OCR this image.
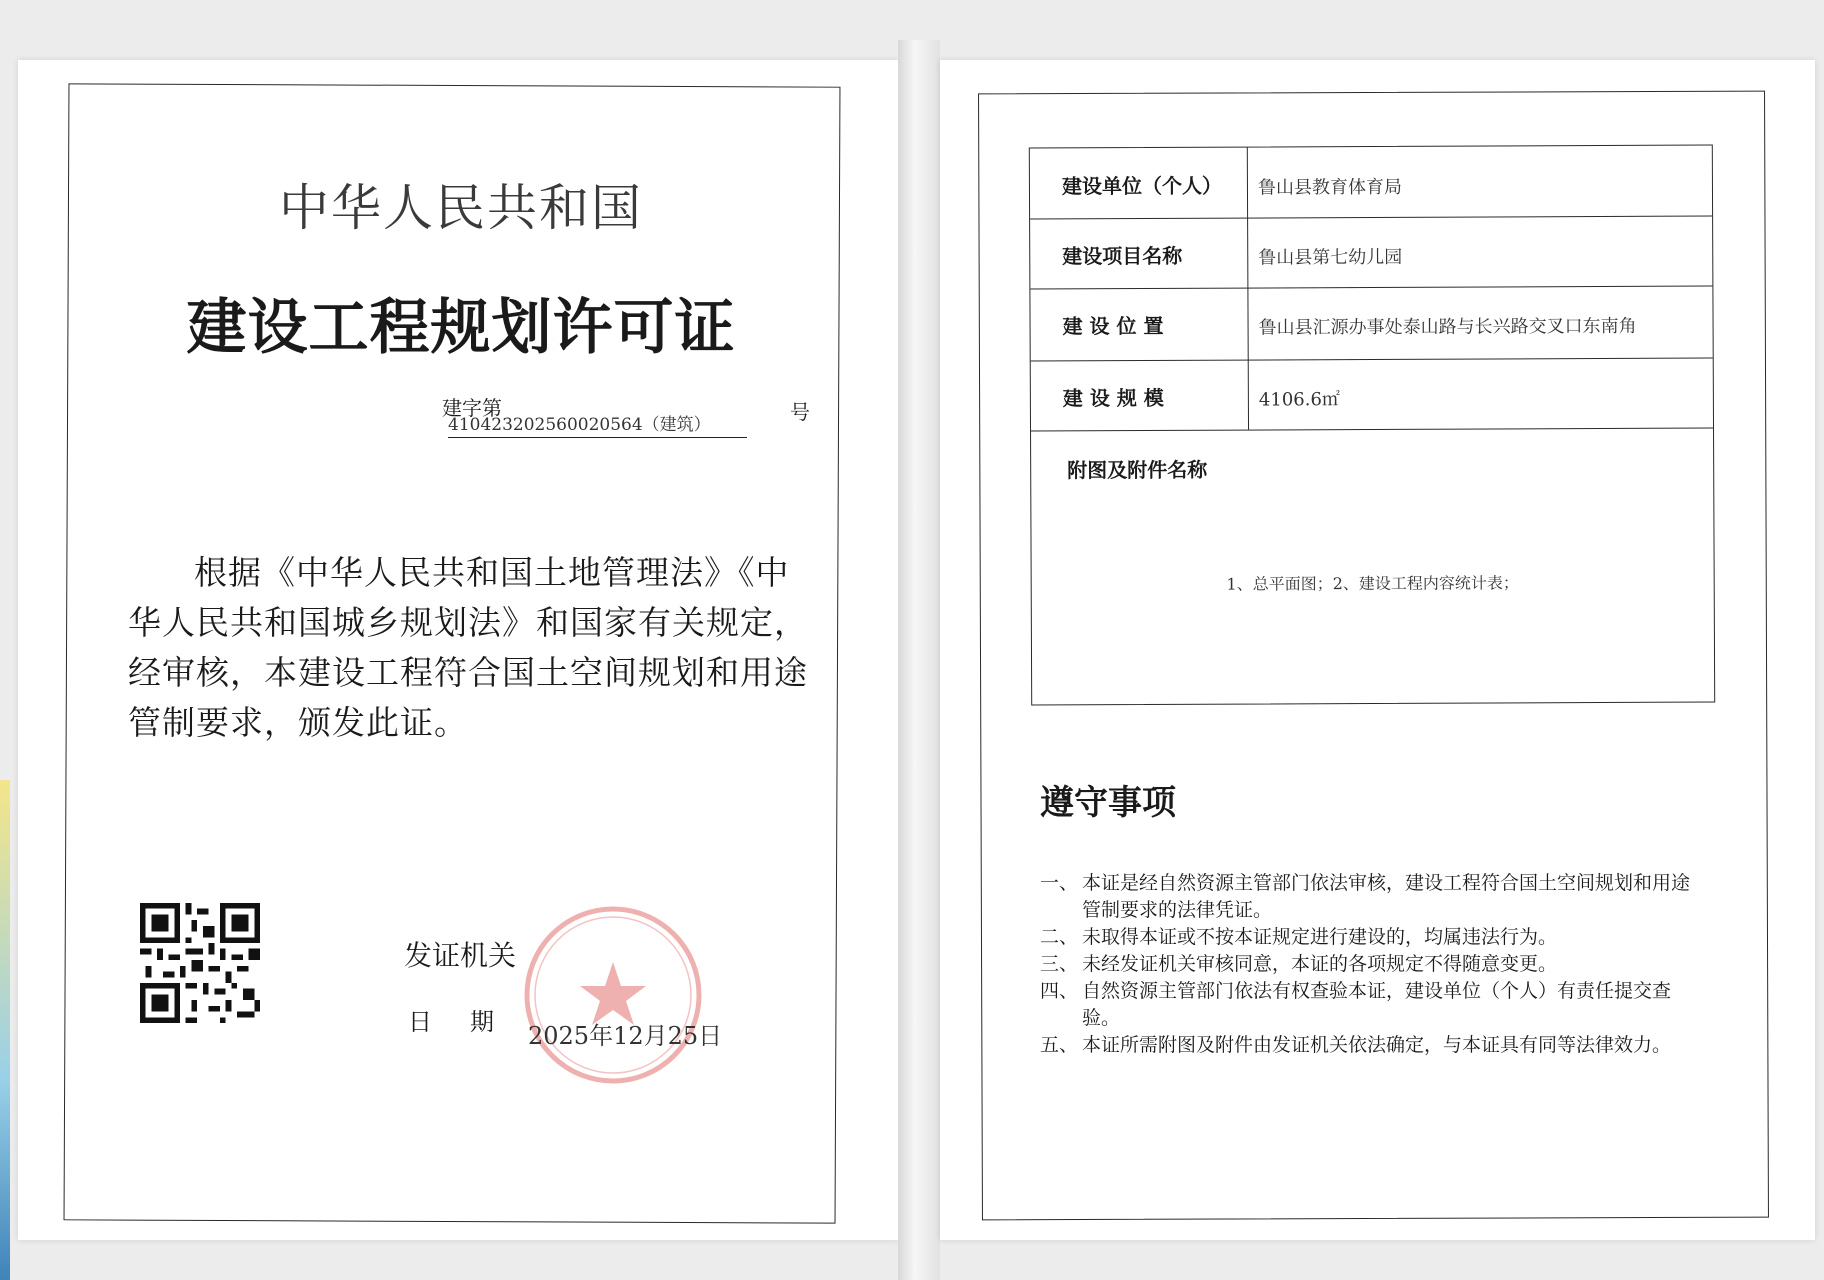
中华人民共和国
建设工程规划许可证
建字第
410423202560020564（建筑）
号

根据《中华人民共和国土地管理法》《中华人民共和国城乡规划法》和国家有关规定，经审核，本建设工程符合国土空间规划和用途管制要求，颁发此证。

发证机关
日期
2025年12月25日
建设单位（个人）	鲁山县教育体育局
建设项目名称	鲁山县第七幼儿园
建 设 位 置	鲁山县汇源办事处泰山路与长兴路交叉口东南角
建 设 规 模	4106.6㎡
附图及附件名称
1、总平面图；2、建设工程内容统计表；
遵守事项
一、 本证是经自然资源主管部门依法审核，建设工程符合国土空间规划和用途管制要求的法律凭证。
二、 未取得本证或不按本证规定进行建设的，均属违法行为。
三、 未经发证机关审核同意，本证的各项规定不得随意变更。
四、 自然资源主管部门依法有权查验本证，建设单位（个人）有责任提交查验。
五、 本证所需附图及附件由发证机关依法确定，与本证具有同等法律效力。
